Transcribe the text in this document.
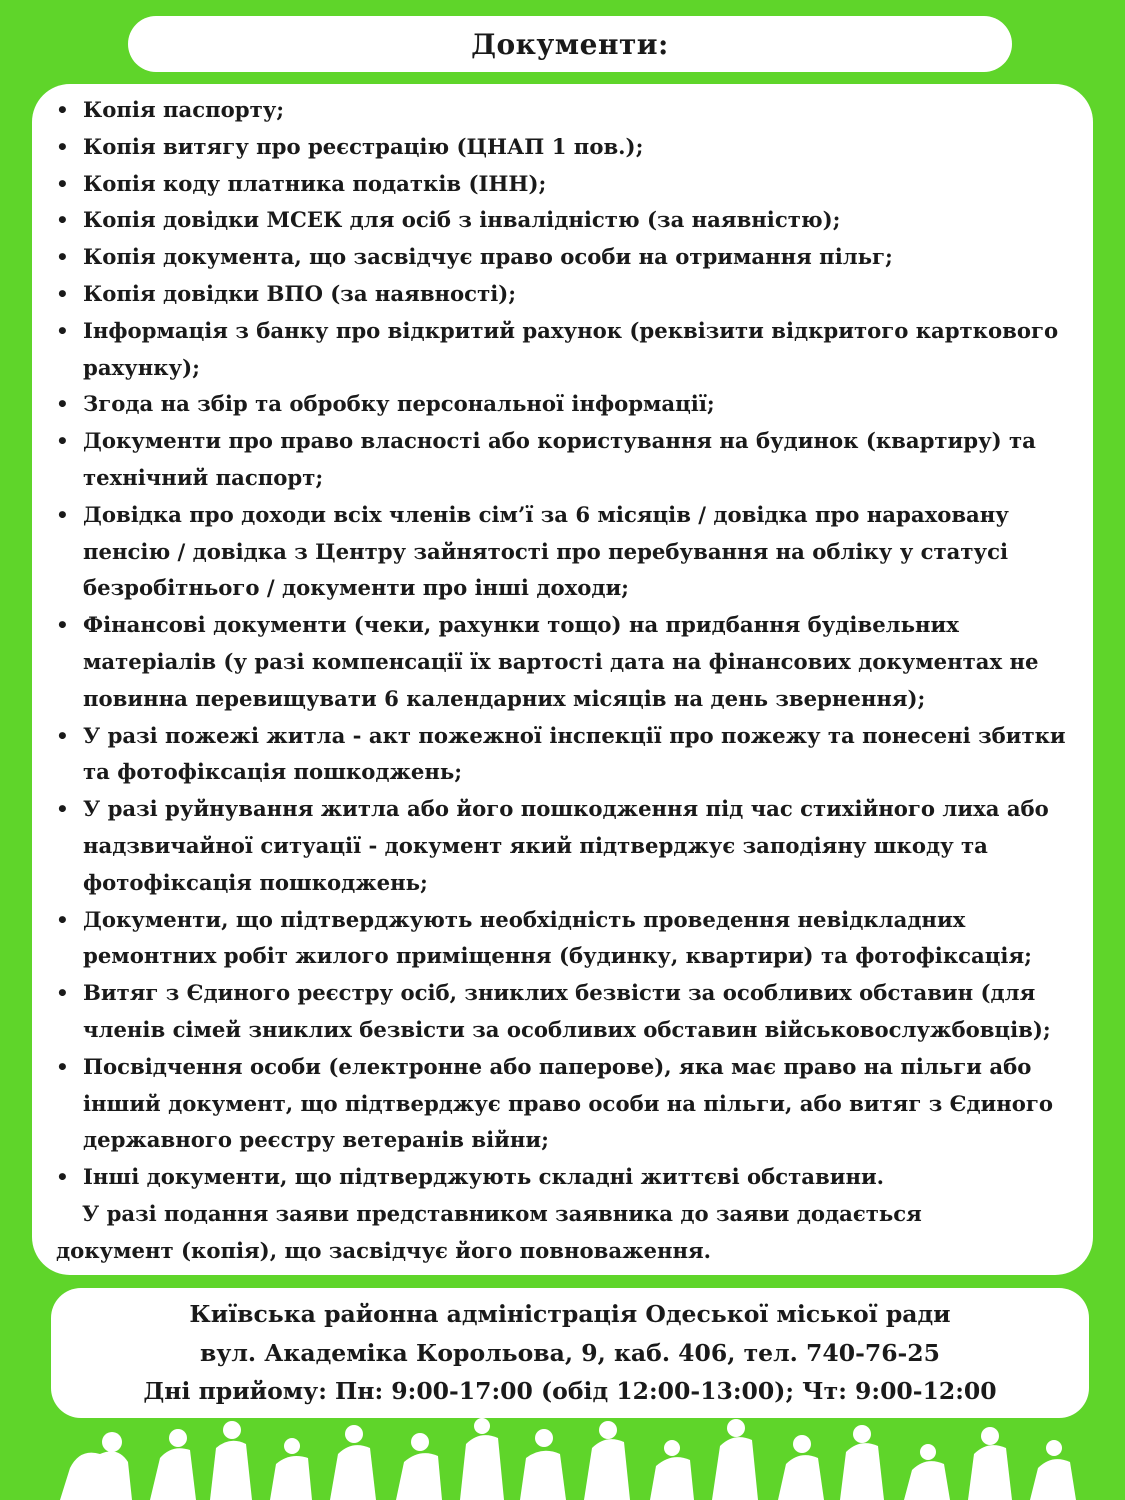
Документи:
• Копія паспорту;
• Копія витягу про реєстрацію (ЦНАП 1 пов.);
• Копія коду платника податків (ІНН);
• Копія довідки МСЕК для осіб з інвалідністю (за наявністю);
• Копія документа, що засвідчує право особи на отримання пільг;
• Копія довідки ВПО (за наявності);
• Інформація з банку про відкритий рахунок (реквізити відкритого карткового рахунку);
• Згода на збір та обробку персональної інформації;
• Документи про право власності або користування на будинок (квартиру) та технічний паспорт;
• Довідка про доходи всіх членів сім’ї за 6 місяців / довідка про нараховану пенсію / довідка з Центру зайнятості про перебування на обліку у статусі безробітнього / документи про інші доходи;
• Фінансові документи (чеки, рахунки тощо) на придбання будівельних матеріалів (у разі компенсації їх вартості дата на фінансових документах не повинна перевищувати 6 календарних місяців на день звернення);
• У разі пожежі житла - акт пожежної інспекції про пожежу та понесені збитки та фотофіксація пошкоджень;
• У разі руйнування житла або його пошкодження під час стихійного лиха або надзвичайної ситуації - документ який підтверджує заподіяну шкоду та фотофіксація пошкоджень;
• Документи, що підтверджують необхідність проведення невідкладних ремонтних робіт жилого приміщення (будинку, квартири) та фотофіксація;
• Витяг з Єдиного реєстру осіб, зниклих безвісти за особливих обставин (для членів сімей зниклих безвісти за особливих обставин військовослужбовців);
• Посвідчення особи (електронне або паперове), яка має право на пільги або інший документ, що підтверджує право особи на пільги, або витяг з Єдиного державного реєстру ветеранів війни;
• Інші документи, що підтверджують складні життєві обставини.

У разі подання заяви представником заявника до заяви додається документ (копія), що засвідчує його повноваження.

Київська районна адміністрація Одеської міської ради
вул. Академіка Корольова, 9, каб. 406, тел. 740-76-25
Дні прийому: Пн: 9:00-17:00 (обід 12:00-13:00); Чт: 9:00-12:00
